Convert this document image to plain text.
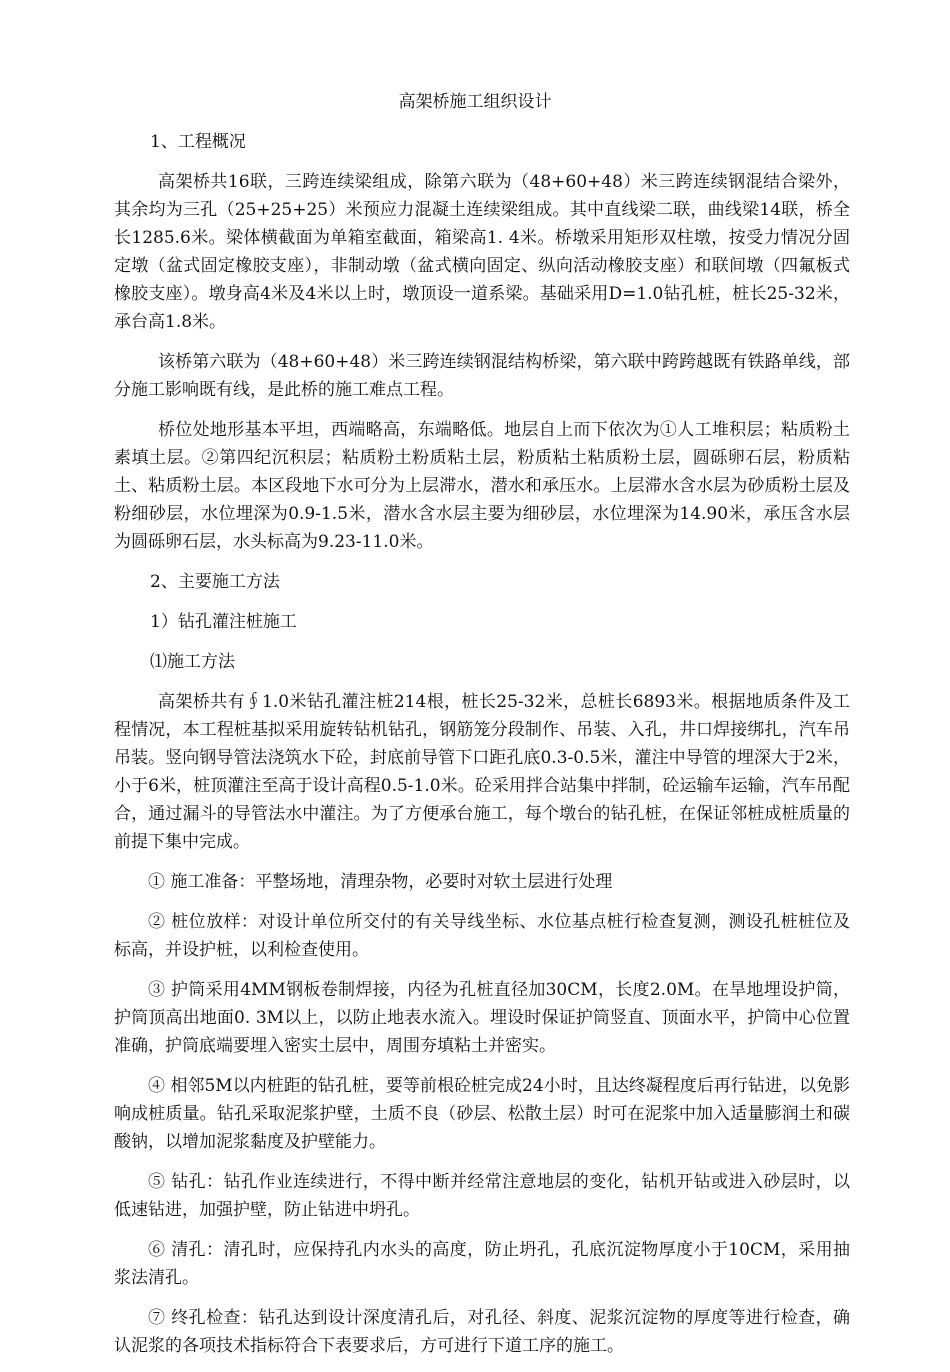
高架桥施工组织设计

1、工程概况

高架桥共16联，三跨连续梁组成，除第六联为（48+60+48）米三跨连续钢混结合梁外，其余均为三孔（25+25+25）米预应力混凝土连续梁组成。其中直线梁二联，曲线梁14联，桥全长1285.6米。梁体横截面为单箱室截面，箱梁高1. 4米。桥墩采用矩形双柱墩，按受力情况分固定墩（盆式固定橡胶支座），非制动墩（盆式横向固定、纵向活动橡胶支座）和联间墩（四氟板式橡胶支座）。墩身高4米及4米以上时，墩顶设一道系梁。基础采用D=1.0钻孔桩，桩长25-32米，承台高1.8米。

该桥第六联为（48+60+48）米三跨连续钢混结构桥梁，第六联中跨跨越既有铁路单线，部分施工影响既有线，是此桥的施工难点工程。

桥位处地形基本平坦，西端略高，东端略低。地层自上而下依次为①人工堆积层；粘质粉土素填土层。②第四纪沉积层；粘质粉土粉质粘土层，粉质粘土粘质粉土层，圆砾卵石层，粉质粘土、粘质粉土层。本区段地下水可分为上层滞水，潜水和承压水。上层滞水含水层为砂质粉土层及粉细砂层，水位埋深为0.9-1.5米，潜水含水层主要为细砂层，水位埋深为14.90米，承压含水层为圆砾卵石层，水头标高为9.23-11.0米。

2、主要施工方法

1）钻孔灌注桩施工

⑴施工方法

高架桥共有∮1.0米钻孔灌注桩214根，桩长25-32米，总桩长6893米。根据地质条件及工程情况，本工程桩基拟采用旋转钻机钻孔，钢筋笼分段制作、吊装、入孔，井口焊接绑扎，汽车吊吊装。竖向钢导管法浇筑水下砼，封底前导管下口距孔底0.3-0.5米，灌注中导管的埋深大于2米，小于6米，桩顶灌注至高于设计高程0.5-1.0米。砼采用拌合站集中拌制，砼运输车运输，汽车吊配合，通过漏斗的导管法水中灌注。为了方便承台施工，每个墩台的钻孔桩，在保证邻桩成桩质量的前提下集中完成。

① 施工准备：平整场地，清理杂物，必要时对软土层进行处理

② 桩位放样：对设计单位所交付的有关导线坐标、水位基点桩行检查复测，测设孔桩桩位及标高，并设护桩，以利检查使用。

③ 护筒采用4MM钢板卷制焊接，内径为孔桩直径加30CM，长度2.0M。在旱地埋设护筒，护筒顶高出地面0. 3M以上，以防止地表水流入。埋设时保证护筒竖直、顶面水平，护筒中心位置准确，护筒底端要埋入密实土层中，周围夯填粘土并密实。

④ 相邻5M以内桩距的钻孔桩，要等前根砼桩完成24小时，且达终凝程度后再行钻进，以免影响成桩质量。钻孔采取泥浆护壁，土质不良（砂层、松散土层）时可在泥浆中加入适量膨润土和碳酸钠，以增加泥浆黏度及护壁能力。

⑤ 钻孔：钻孔作业连续进行，不得中断并经常注意地层的变化，钻机开钻或进入砂层时，以低速钻进，加强护壁，防止钻进中坍孔。

⑥ 清孔：清孔时，应保持孔内水头的高度，防止坍孔，孔底沉淀物厚度小于10CM，采用抽浆法清孔。

⑦ 终孔检查：钻孔达到设计深度清孔后，对孔径、斜度、泥浆沉淀物的厚度等进行检查，确认泥浆的各项技术指标符合下表要求后，方可进行下道工序的施工。
